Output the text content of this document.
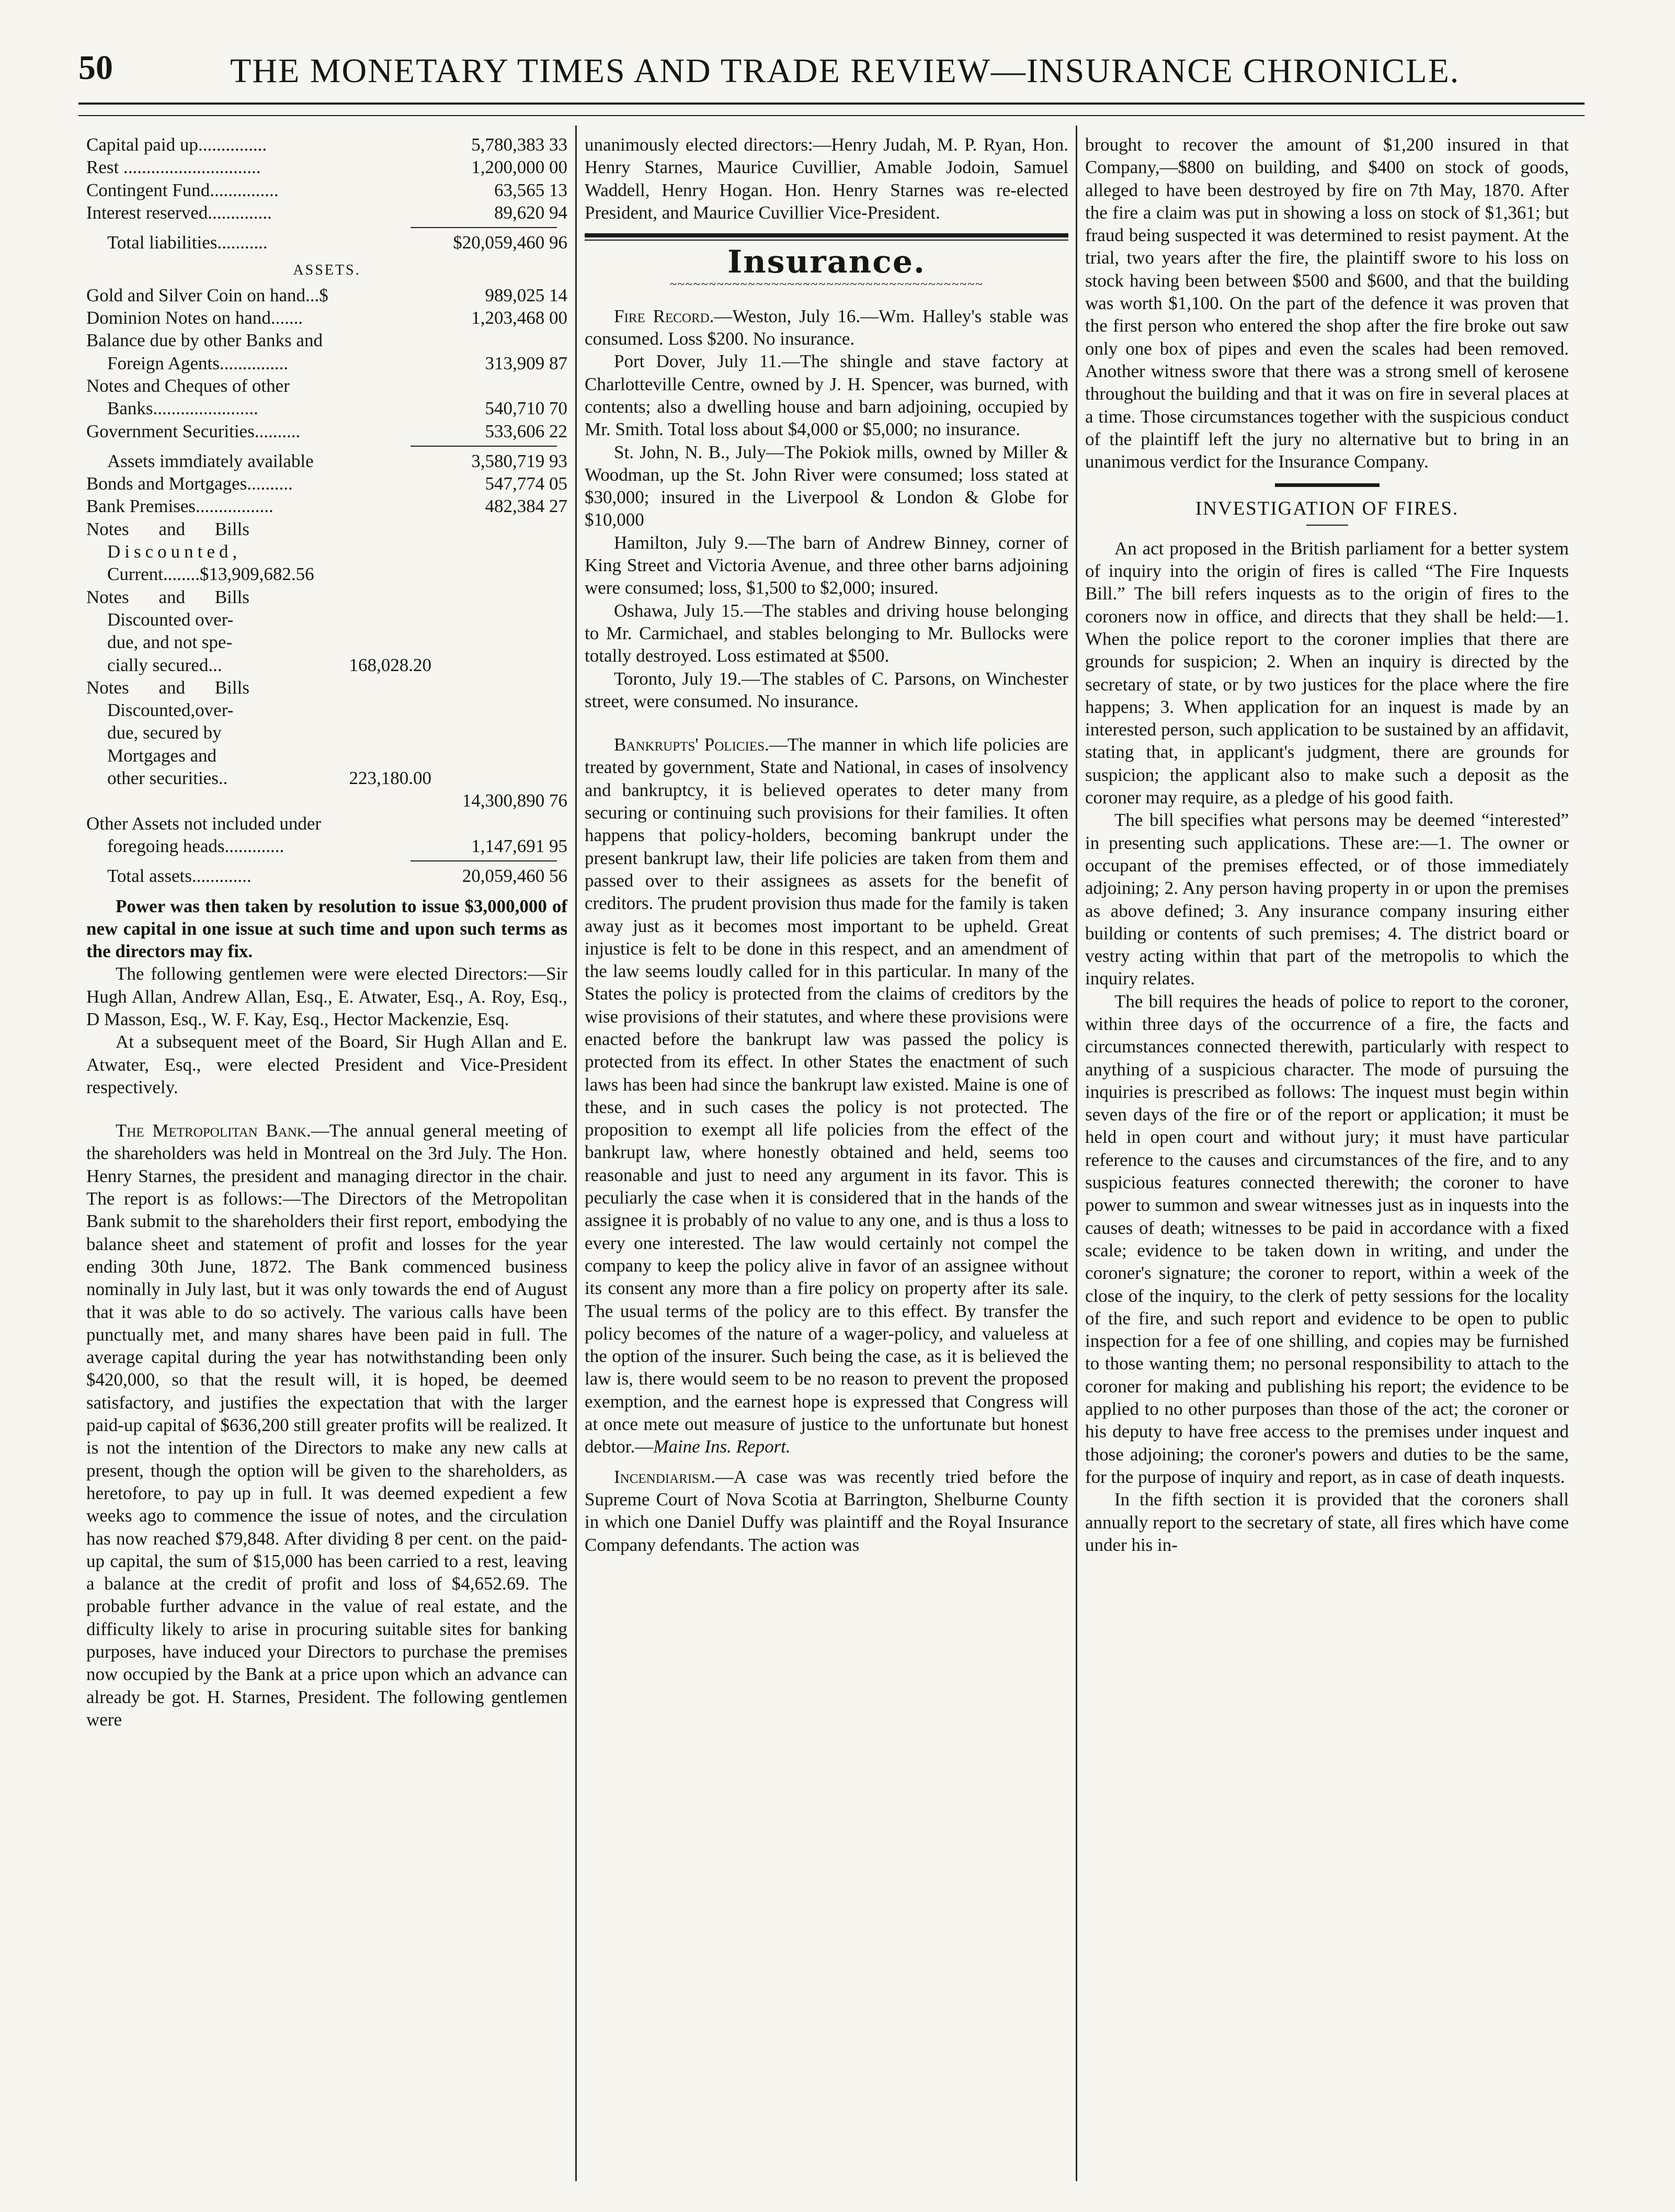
50	THE MONETARY TIMES AND TRADE REVIEW—INSURANCE CHRONICLE.
Capital paid up...............	5,780,383 33
Rest ..............................	1,200,000 00
Contingent Fund...............	63,565 13
Interest reserved..............	89,620 94
Total liabilities...........	$20,059,460 96
ASSETS.
Gold and Silver Coin on hand...$	989,025 14
Dominion Notes on hand.......	1,203,468 00
Balance due by other Banks and
Foreign Agents...............	313,909 87
Notes and Cheques of other
Banks.......................	540,710 70
Government Securities..........	533,606 22
Assets immdiately available	3,580,719 93
Bonds and Mortgages..........	547,774 05
Bank Premises.................	482,384 27
Notes and Bills
Discounted,
Current........$13,909,682.56
Notes and Bills
Discounted over-
due, and not spe-
cially secured...	168,028.20
Notes and Bills
Discounted,over-
due, secured by
Mortgages and
other securities..	223,180.00
14,300,890 76
Other Assets not included under
foregoing heads.............	1,147,691 95
Total assets.............	20,059,460 56

Power was then taken by resolution to issue $3,000,000 of new capital in one issue at such time and upon such terms as the directors may fix.

The following gentlemen were were elected Directors:—Sir Hugh Allan, Andrew Allan, Esq., E. Atwater, Esq., A. Roy, Esq., D Masson, Esq., W. F. Kay, Esq., Hector Mackenzie, Esq.

At a subsequent meet of the Board, Sir Hugh Allan and E. Atwater, Esq., were elected President and Vice-President respectively.

The Metropolitan Bank.—The annual general meeting of the shareholders was held in Montreal on the 3rd July. The Hon. Henry Starnes, the president and managing director in the chair. The report is as follows:—The Directors of the Metropolitan Bank submit to the shareholders their first report, embodying the balance sheet and statement of profit and losses for the year ending 30th June, 1872. The Bank commenced business nominally in July last, but it was only towards the end of August that it was able to do so actively. The various calls have been punctually met, and many shares have been paid in full. The average capital during the year has notwithstanding been only $420,000, so that the result will, it is hoped, be deemed satisfactory, and justifies the expectation that with the larger paid-up capital of $636,200 still greater profits will be realized. It is not the intention of the Directors to make any new calls at present, though the option will be given to the shareholders, as heretofore, to pay up in full. It was deemed expedient a few weeks ago to commence the issue of notes, and the circulation has now reached $79,848. After dividing 8 per cent. on the paid-up capital, the sum of $15,000 has been carried to a rest, leaving a balance at the credit of profit and loss of $4,652.69. The probable further advance in the value of real estate, and the difficulty likely to arise in procuring suitable sites for banking purposes, have induced your Directors to purchase the premises now occupied by the Bank at a price upon which an advance can already be got. H. Starnes, President. The following gentlemen were

unanimously elected directors:—Henry Judah, M. P. Ryan, Hon. Henry Starnes, Maurice Cuvillier, Amable Jodoin, Samuel Waddell, Henry Hogan. Hon. Henry Starnes was re-elected President, and Maurice Cuvillier Vice-President.

Insurance.
~~~~~~~~~~~~~~~~~~~~~~~~~~~~~~~~~~~~~~~~

Fire Record.—Weston, July 16.—Wm. Halley's stable was consumed. Loss $200. No insurance.

Port Dover, July 11.—The shingle and stave factory at Charlotteville Centre, owned by J. H. Spencer, was burned, with contents; also a dwelling house and barn adjoining, occupied by Mr. Smith. Total loss about $4,000 or $5,000; no insurance.

St. John, N. B., July—The Pokiok mills, owned by Miller & Woodman, up the St. John River were consumed; loss stated at $30,000; insured in the Liverpool & London & Globe for $10,000

Hamilton, July 9.—The barn of Andrew Binney, corner of King Street and Victoria Avenue, and three other barns adjoining were consumed; loss, $1,500 to $2,000; insured.

Oshawa, July 15.—The stables and driving house belonging to Mr. Carmichael, and stables belonging to Mr. Bullocks were totally destroyed. Loss estimated at $500.

Toronto, July 19.—The stables of C. Parsons, on Winchester street, were consumed. No insurance.

Bankrupts' Policies.—The manner in which life policies are treated by government, State and National, in cases of insolvency and bankruptcy, it is believed operates to deter many from securing or continuing such provisions for their families. It often happens that policy-holders, becoming bankrupt under the present bankrupt law, their life policies are taken from them and passed over to their assignees as assets for the benefit of creditors. The prudent provision thus made for the family is taken away just as it becomes most important to be upheld. Great injustice is felt to be done in this respect, and an amendment of the law seems loudly called for in this particular. In many of the States the policy is protected from the claims of creditors by the wise provisions of their statutes, and where these provisions were enacted before the bankrupt law was passed the policy is protected from its effect. In other States the enactment of such laws has been had since the bankrupt law existed. Maine is one of these, and in such cases the policy is not protected. The proposition to exempt all life policies from the effect of the bankrupt law, where honestly obtained and held, seems too reasonable and just to need any argument in its favor. This is peculiarly the case when it is considered that in the hands of the assignee it is probably of no value to any one, and is thus a loss to every one interested. The law would certainly not compel the company to keep the policy alive in favor of an assignee without its consent any more than a fire policy on property after its sale. The usual terms of the policy are to this effect. By transfer the policy becomes of the nature of a wager-policy, and valueless at the option of the insurer. Such being the case, as it is believed the law is, there would seem to be no reason to prevent the proposed exemption, and the earnest hope is expressed that Congress will at once mete out measure of justice to the unfortunate but honest debtor.—Maine Ins. Report.

Incendiarism.—A case was was recently tried before the Supreme Court of Nova Scotia at Barrington, Shelburne County in which one Daniel Duffy was plaintiff and the Royal Insurance Company defendants. The action was

brought to recover the amount of $1,200 insured in that Company,—$800 on building, and $400 on stock of goods, alleged to have been destroyed by fire on 7th May, 1870. After the fire a claim was put in showing a loss on stock of $1,361; but fraud being suspected it was determined to resist payment. At the trial, two years after the fire, the plaintiff swore to his loss on stock having been between $500 and $600, and that the building was worth $1,100. On the part of the defence it was proven that the first person who entered the shop after the fire broke out saw only one box of pipes and even the scales had been removed. Another witness swore that there was a strong smell of kerosene throughout the building and that it was on fire in several places at a time. Those circumstances together with the suspicious conduct of the plaintiff left the jury no alternative but to bring in an unanimous verdict for the Insurance Company.

INVESTIGATION OF FIRES.

An act proposed in the British parliament for a better system of inquiry into the origin of fires is called “The Fire Inquests Bill.” The bill refers inquests as to the origin of fires to the coroners now in office, and directs that they shall be held:—1. When the police report to the coroner implies that there are grounds for suspicion; 2. When an inquiry is directed by the secretary of state, or by two justices for the place where the fire happens; 3. When application for an inquest is made by an interested person, such application to be sustained by an affidavit, stating that, in applicant's judgment, there are grounds for suspicion; the applicant also to make such a deposit as the coroner may require, as a pledge of his good faith.

The bill specifies what persons may be deemed “interested” in presenting such applications. These are:—1. The owner or occupant of the premises effected, or of those immediately adjoining; 2. Any person having property in or upon the premises as above defined; 3. Any insurance company insuring either building or contents of such premises; 4. The district board or vestry acting within that part of the metropolis to which the inquiry relates.

The bill requires the heads of police to report to the coroner, within three days of the occurrence of a fire, the facts and circumstances connected therewith, particularly with respect to anything of a suspicious character. The mode of pursuing the inquiries is prescribed as follows: The inquest must begin within seven days of the fire or of the report or application; it must be held in open court and without jury; it must have particular reference to the causes and circumstances of the fire, and to any suspicious features connected therewith; the coroner to have power to summon and swear witnesses just as in inquests into the causes of death; witnesses to be paid in accordance with a fixed scale; evidence to be taken down in writing, and under the coroner's signature; the coroner to report, within a week of the close of the inquiry, to the clerk of petty sessions for the locality of the fire, and such report and evidence to be open to public inspection for a fee of one shilling, and copies may be furnished to those wanting them; no personal responsibility to attach to the coroner for making and publishing his report; the evidence to be applied to no other purposes than those of the act; the coroner or his deputy to have free access to the premises under inquest and those adjoining; the coroner's powers and duties to be the same, for the purpose of inquiry and report, as in case of death inquests.

In the fifth section it is provided that the coroners shall annually report to the secretary of state, all fires which have come under his in-
